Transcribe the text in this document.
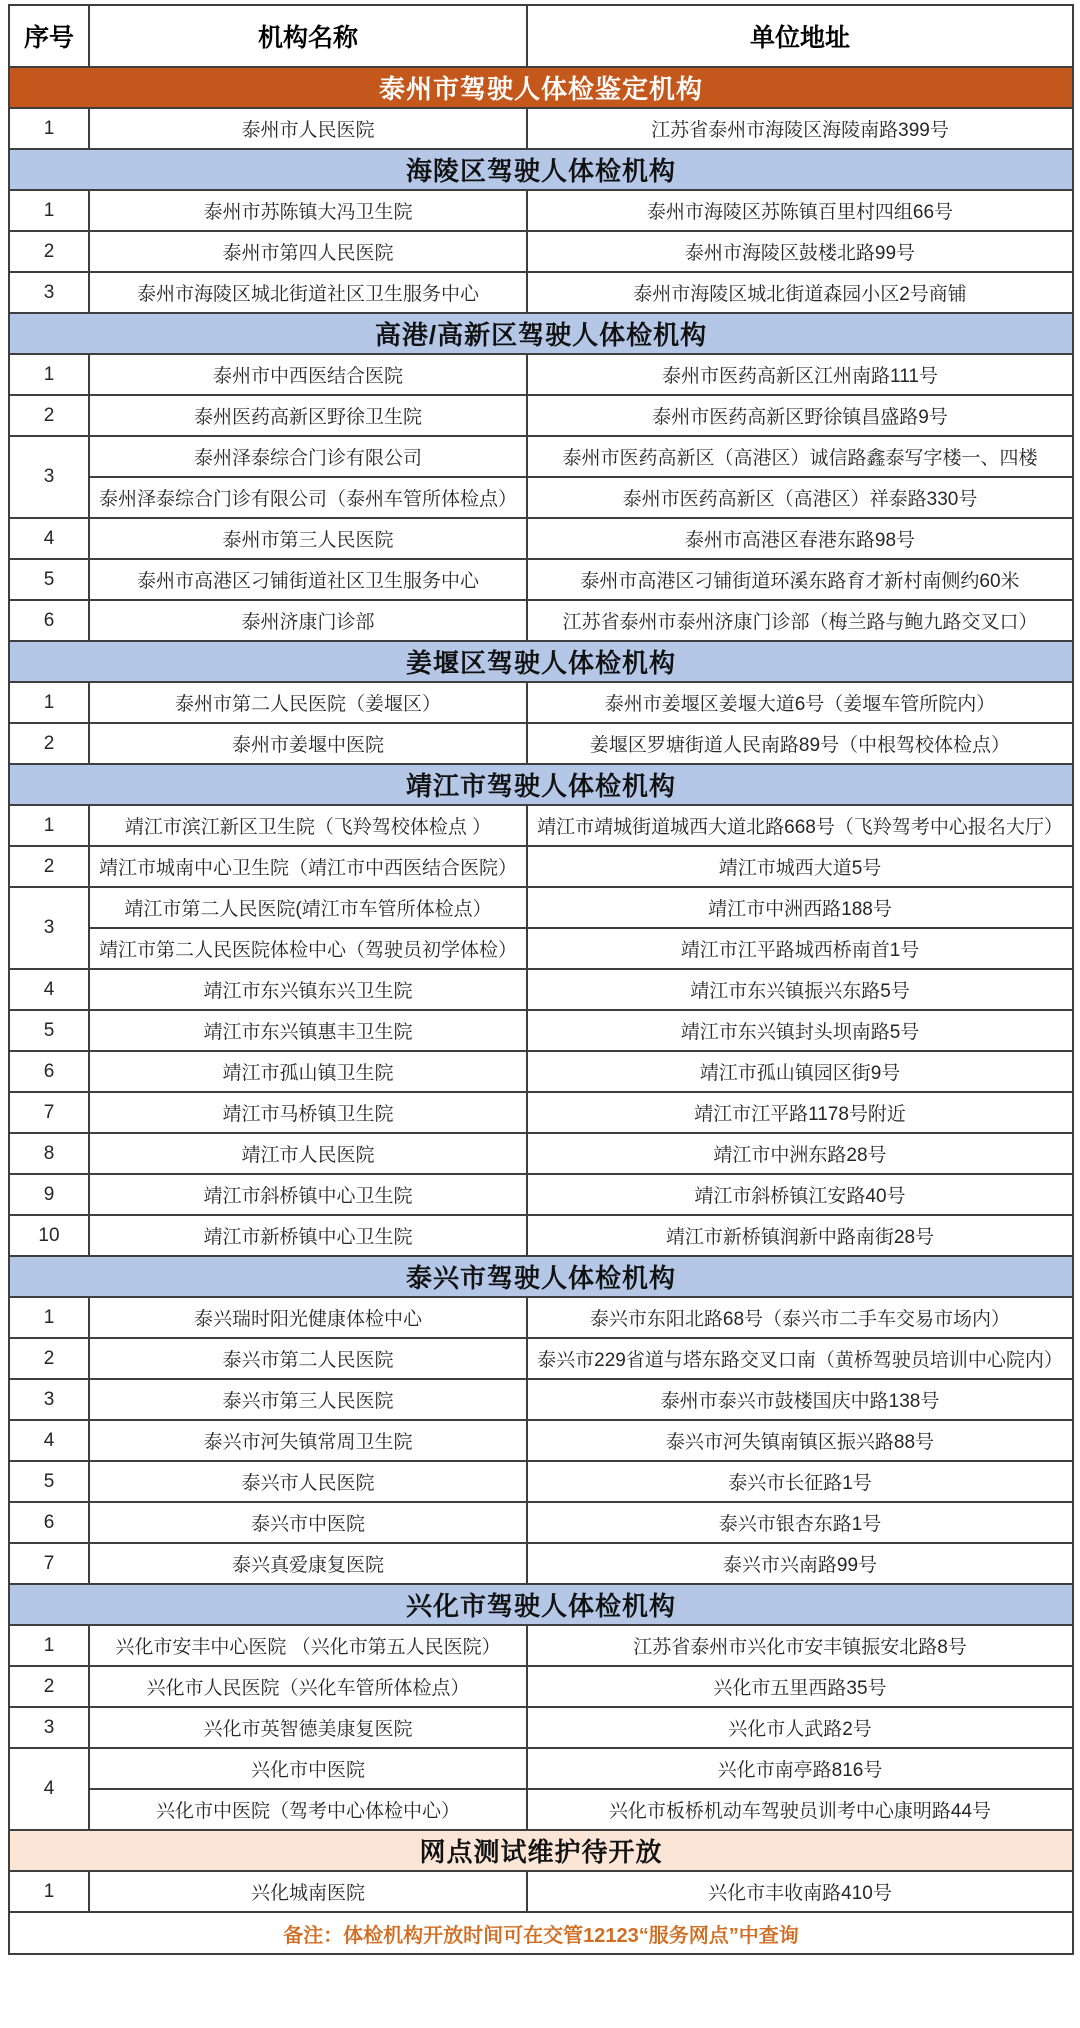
序号	机构名称	单位地址
泰州市驾驶人体检鉴定机构		
1	泰州市人民医院	江苏省泰州市海陵区海陵南路399号
海陵区驾驶人体检机构		
1	泰州市苏陈镇大冯卫生院	泰州市海陵区苏陈镇百里村四组66号
2	泰州市第四人民医院	泰州市海陵区鼓楼北路99号
3	泰州市海陵区城北街道社区卫生服务中心	泰州市海陵区城北街道森园小区2号商铺
高港/高新区驾驶人体检机构		
1	泰州市中西医结合医院	泰州市医药高新区江州南路111号
2	泰州医药高新区野徐卫生院	泰州市医药高新区野徐镇昌盛路9号
3	泰州泽泰综合门诊有限公司	泰州市医药高新区（高港区）诚信路鑫泰写字楼一、四楼
	泰州泽泰综合门诊有限公司（泰州车管所体检点）	泰州市医药高新区（高港区）祥泰路330号
4	泰州市第三人民医院	泰州市高港区春港东路98号
5	泰州市高港区刁铺街道社区卫生服务中心	泰州市高港区刁铺街道环溪东路育才新村南侧约60米
6	泰州济康门诊部	江苏省泰州市泰州济康门诊部（梅兰路与鲍九路交叉口）
姜堰区驾驶人体检机构		
1	泰州市第二人民医院（姜堰区）	泰州市姜堰区姜堰大道6号（姜堰车管所院内）
2	泰州市姜堰中医院	姜堰区罗塘街道人民南路89号（中根驾校体检点）
靖江市驾驶人体检机构		
1	靖江市滨江新区卫生院（飞羚驾校体检点 ）	靖江市靖城街道城西大道北路668号（飞羚驾考中心报名大厅）
2	靖江市城南中心卫生院（靖江市中西医结合医院）	靖江市城西大道5号
3	靖江市第二人民医院(靖江市车管所体检点）	靖江市中洲西路188号
	靖江市第二人民医院体检中心（驾驶员初学体检）	靖江市江平路城西桥南首1号
4	靖江市东兴镇东兴卫生院	靖江市东兴镇振兴东路5号
5	靖江市东兴镇惠丰卫生院	靖江市东兴镇封头坝南路5号
6	靖江市孤山镇卫生院	靖江市孤山镇园区街9号
7	靖江市马桥镇卫生院	靖江市江平路1178号附近
8	靖江市人民医院	靖江市中洲东路28号
9	靖江市斜桥镇中心卫生院	靖江市斜桥镇江安路40号
10	靖江市新桥镇中心卫生院	靖江市新桥镇润新中路南街28号
泰兴市驾驶人体检机构		
1	泰兴瑞时阳光健康体检中心	泰兴市东阳北路68号（泰兴市二手车交易市场内）
2	泰兴市第二人民医院	泰兴市229省道与塔东路交叉口南（黄桥驾驶员培训中心院内）
3	泰兴市第三人民医院	泰州市泰兴市鼓楼国庆中路138号
4	泰兴市河失镇常周卫生院	泰兴市河失镇南镇区振兴路88号
5	泰兴市人民医院	泰兴市长征路1号
6	泰兴市中医院	泰兴市银杏东路1号
7	泰兴真爱康复医院	泰兴市兴南路99号
兴化市驾驶人体检机构		
1	兴化市安丰中心医院 （兴化市第五人民医院）	江苏省泰州市兴化市安丰镇振安北路8号
2	兴化市人民医院（兴化车管所体检点）	兴化市五里西路35号
3	兴化市英智德美康复医院	兴化市人武路2号
4	兴化市中医院	兴化市南亭路816号
	兴化市中医院（驾考中心体检中心）	兴化市板桥机动车驾驶员训考中心康明路44号
网点测试维护待开放		
1	兴化城南医院	兴化市丰收南路410号
备注：体检机构开放时间可在交管12123“服务网点”中查询		
